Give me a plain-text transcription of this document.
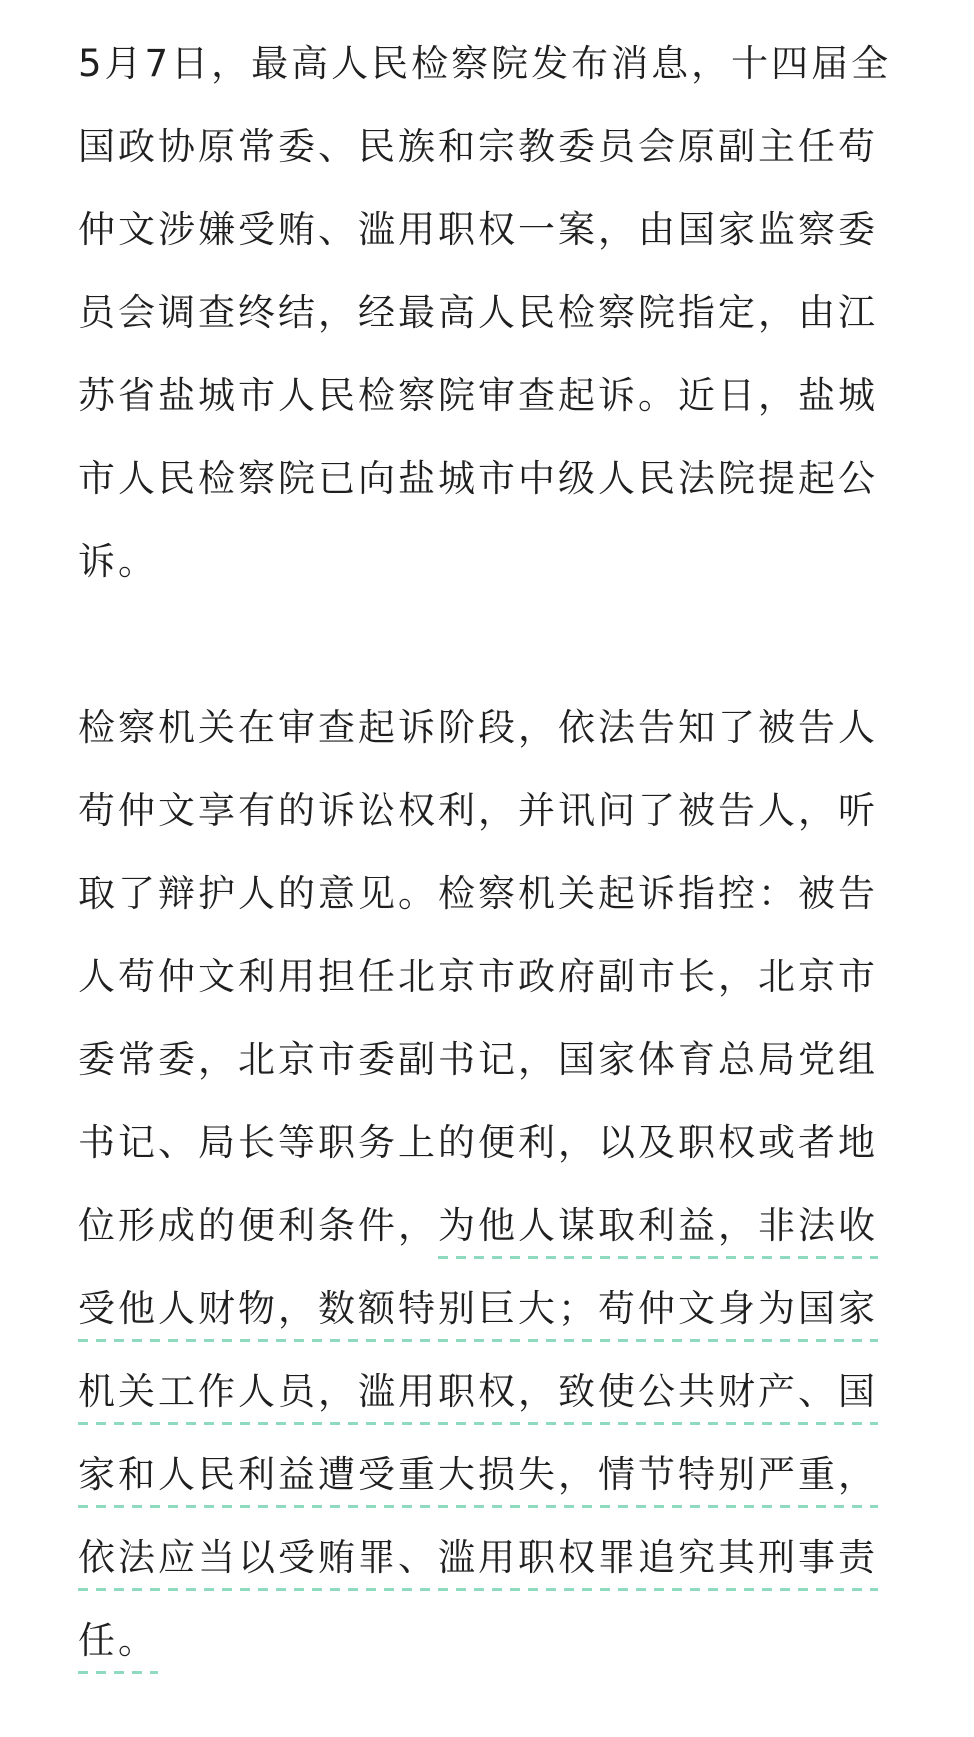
5月7日，最高人民检察院发布消息，十四届全国政协原常委、民族和宗教委员会原副主任苟仲文涉嫌受贿、滥用职权一案，由国家监察委员会调查终结，经最高人民检察院指定，由江苏省盐城市人民检察院审查起诉。近日，盐城市人民检察院已向盐城市中级人民法院提起公诉。

检察机关在审查起诉阶段，依法告知了被告人苟仲文享有的诉讼权利，并讯问了被告人，听取了辩护人的意见。检察机关起诉指控：被告人苟仲文利用担任北京市政府副市长，北京市委常委，北京市委副书记，国家体育总局党组书记、局长等职务上的便利，以及职权或者地位形成的便利条件，为他人谋取利益，非法收受他人财物，数额特别巨大；苟仲文身为国家机关工作人员，滥用职权，致使公共财产、国家和人民利益遭受重大损失，情节特别严重，依法应当以受贿罪、滥用职权罪追究其刑事责任。
